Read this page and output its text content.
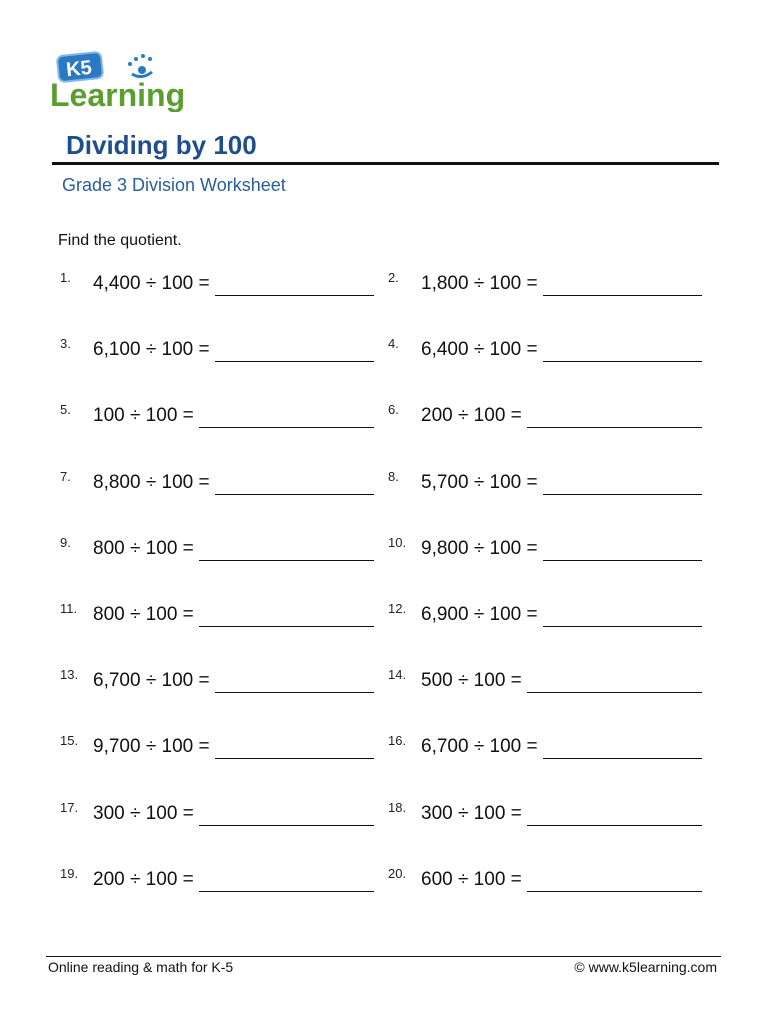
K5
Learning
Dividing by 100
Grade 3 Division Worksheet
Find the quotient.
1.	4,400 ÷ 100 =	2.	1,800 ÷ 100 =
3.	6,100 ÷ 100 =	4.	6,400 ÷ 100 =
5.	100 ÷ 100 =	6.	200 ÷ 100 =
7.	8,800 ÷ 100 =	8.	5,700 ÷ 100 =
9.	800 ÷ 100 =	10. 9,800 ÷ 100 =
11. 800 ÷ 100 =	12. 6,900 ÷ 100 =
13. 6,700 ÷ 100 =	14. 500 ÷ 100 =
15. 9,700 ÷ 100 =	16. 6,700 ÷ 100 =
17. 300 ÷ 100 =	18. 300 ÷ 100 =
19. 200 ÷ 100 =	20. 600 ÷ 100 =
Online reading & math for K-5	© www.k5learning.com
